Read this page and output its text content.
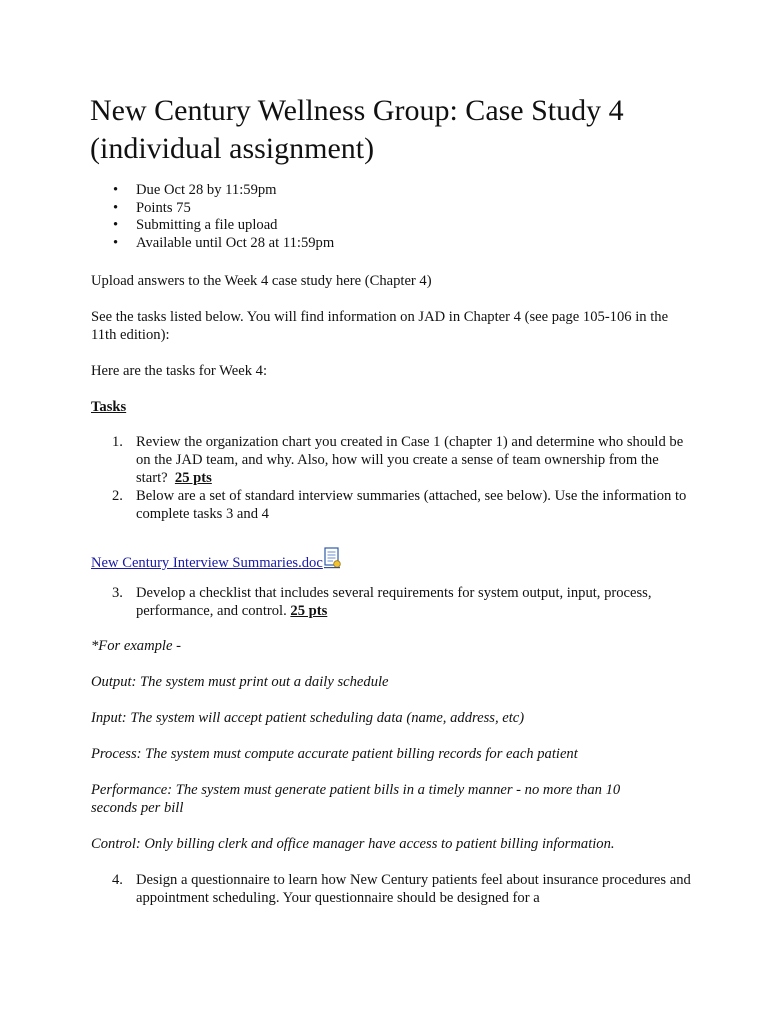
New Century Wellness Group: Case Study 4 (individual assignment)
• Due Oct 28 by 11:59pm
• Points 75
• Submitting a file upload
• Available until Oct 28 at 11:59pm

Upload answers to the Week 4 case study here (Chapter 4)

See the tasks listed below. You will find information on JAD in Chapter 4 (see page 105-106 in the 11th edition):

Here are the tasks for Week 4:

Tasks

1. Review the organization chart you created in Case 1 (chapter 1) and determine who should be on the JAD team, and why. Also, how will you create a sense of team ownership from the start? 25 pts
2. Below are a set of standard interview summaries (attached, see below). Use the information to complete tasks 3 and 4

New Century Interview Summaries.doc

3. Develop a checklist that includes several requirements for system output, input, process, performance, and control. 25 pts

*For example -

Output: The system must print out a daily schedule

Input: The system will accept patient scheduling data (name, address, etc)

Process: The system must compute accurate patient billing records for each patient

Performance: The system must generate patient bills in a timely manner - no more than 10 seconds per bill

Control: Only billing clerk and office manager have access to patient billing information.

4. Design a questionnaire to learn how New Century patients feel about insurance procedures and appointment scheduling. Your questionnaire should be designed for a
